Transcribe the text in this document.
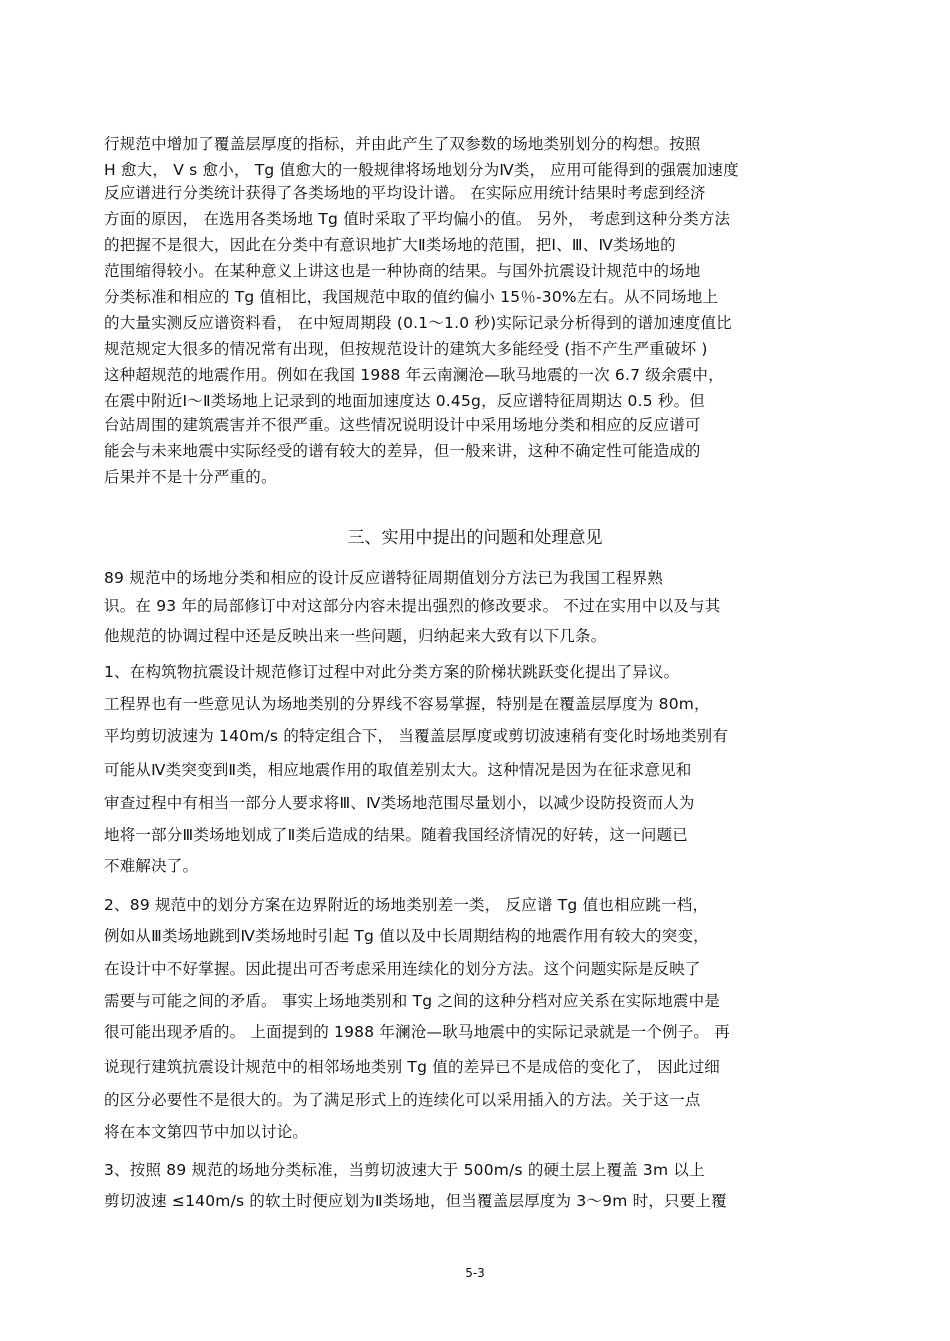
行规范中增加了覆盖层厚度的指标，并由此产生了双参数的场地类别划分的构想。按照
H 愈大， V s 愈小， Tg 值愈大的一般规律将场地划分为Ⅳ类， 应用可能得到的强震加速度
反应谱进行分类统计获得了各类场地的平均设计谱。 在实际应用统计结果时考虑到经济
方面的原因， 在选用各类场地 Tg 值时采取了平均偏小的值。 另外， 考虑到这种分类方法
的把握不是很大，因此在分类中有意识地扩大Ⅱ类场地的范围，把Ⅰ、Ⅲ、Ⅳ类场地的
范围缩得较小。在某种意义上讲这也是一种协商的结果。与国外抗震设计规范中的场地
分类标准和相应的 Tg 值相比，我国规范中取的值约偏小 15％-30%左右。从不同场地上
的大量实测反应谱资料看， 在中短周期段 (0.1～1.0 秒)实际记录分析得到的谱加速度值比
规范规定大很多的情况常有出现，但按规范设计的建筑大多能经受 (指不产生严重破坏 )
这种超规范的地震作用。例如在我国 1988 年云南澜沧—耿马地震的一次 6.7 级余震中，
在震中附近Ⅰ～Ⅱ类场地上记录到的地面加速度达 0.45g，反应谱特征周期达 0.5 秒。但
台站周围的建筑震害并不很严重。这些情况说明设计中采用场地分类和相应的反应谱可
能会与未来地震中实际经受的谱有较大的差异，但一般来讲，这种不确定性可能造成的
后果并不是十分严重的。
三、实用中提出的问题和处理意见
89 规范中的场地分类和相应的设计反应谱特征周期值划分方法已为我国工程界熟
识。在 93 年的局部修订中对这部分内容未提出强烈的修改要求。 不过在实用中以及与其
他规范的协调过程中还是反映出来一些问题，归纳起来大致有以下几条。
1、在构筑物抗震设计规范修订过程中对此分类方案的阶梯状跳跃变化提出了异议。
工程界也有一些意见认为场地类别的分界线不容易掌握，特别是在覆盖层厚度为 80m，
平均剪切波速为 140m/s 的特定组合下， 当覆盖层厚度或剪切波速稍有变化时场地类别有
可能从Ⅳ类突变到Ⅱ类，相应地震作用的取值差别太大。这种情况是因为在征求意见和
审查过程中有相当一部分人要求将Ⅲ、Ⅳ类场地范围尽量划小，以减少设防投资而人为
地将一部分Ⅲ类场地划成了Ⅱ类后造成的结果。随着我国经济情况的好转，这一问题已
不难解决了。
2、89 规范中的划分方案在边界附近的场地类别差一类， 反应谱 Tg 值也相应跳一档，
例如从Ⅲ类场地跳到Ⅳ类场地时引起 Tg 值以及中长周期结构的地震作用有较大的突变，
在设计中不好掌握。因此提出可否考虑采用连续化的划分方法。这个问题实际是反映了
需要与可能之间的矛盾。 事实上场地类别和 Tg 之间的这种分档对应关系在实际地震中是
很可能出现矛盾的。 上面提到的 1988 年澜沧—耿马地震中的实际记录就是一个例子。 再
说现行建筑抗震设计规范中的相邻场地类别 Tg 值的差异已不是成倍的变化了， 因此过细
的区分必要性不是很大的。为了满足形式上的连续化可以采用插入的方法。关于这一点
将在本文第四节中加以讨论。
3、按照 89 规范的场地分类标准，当剪切波速大于 500m/s 的硬土层上覆盖 3m 以上
剪切波速 ≤140m/s 的软土时便应划为Ⅱ类场地，但当覆盖层厚度为 3～9m 时，只要上覆
5-3
